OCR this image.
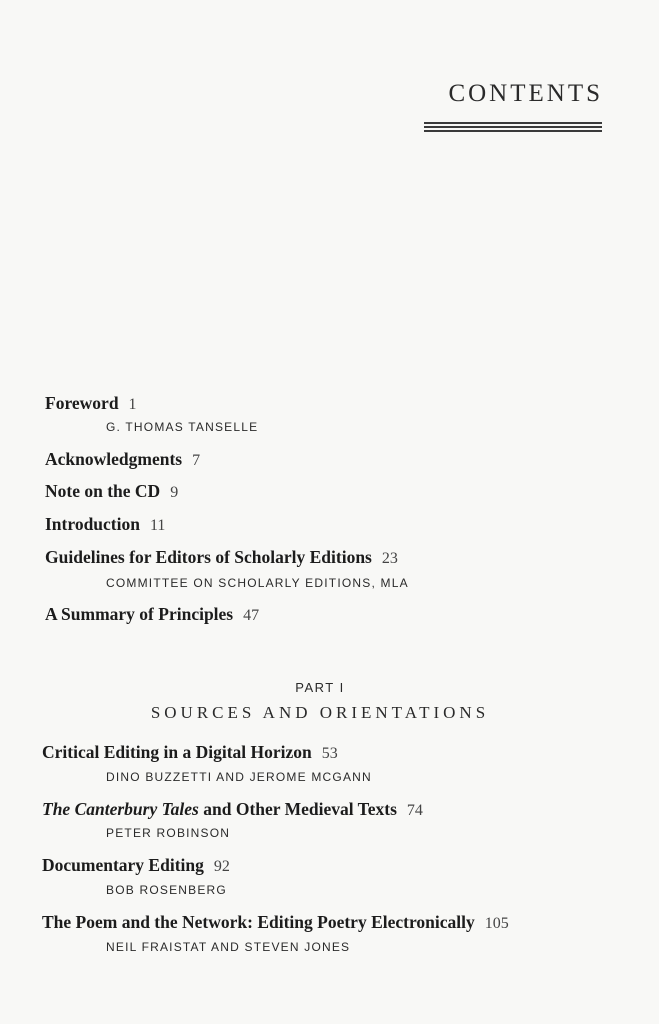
CONTENTS
Foreword 1
G. THOMAS TANSELLE
Acknowledgments 7
Note on the CD 9
Introduction 11
Guidelines for Editors of Scholarly Editions 23
COMMITTEE ON SCHOLARLY EDITIONS, MLA
A Summary of Principles 47
PART I
SOURCES AND ORIENTATIONS
Critical Editing in a Digital Horizon 53
DINO BUZZETTI AND JEROME MCGANN
The Canterbury Tales and Other Medieval Texts 74
PETER ROBINSON
Documentary Editing 92
BOB ROSENBERG
The Poem and the Network: Editing Poetry Electronically 105
NEIL FRAISTAT AND STEVEN JONES
